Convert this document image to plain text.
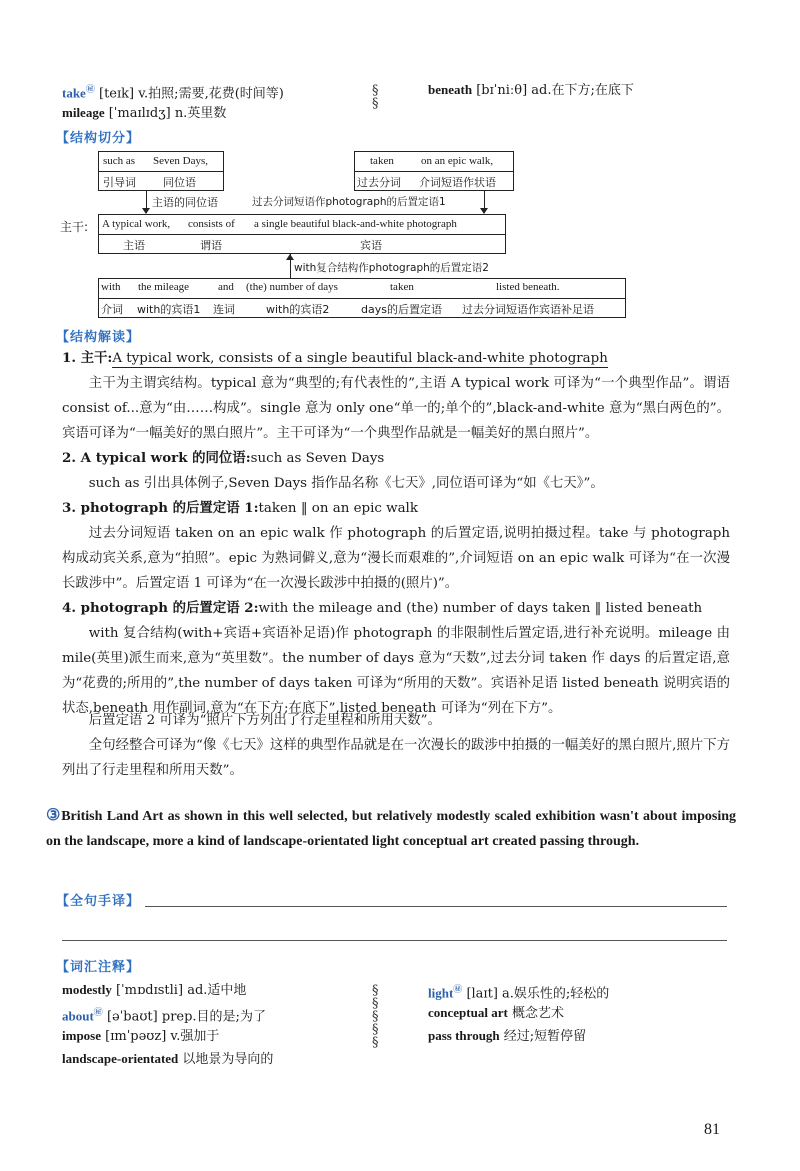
take㊙ [teɪk] v.拍照;需要,花费(时间等)
mileage [ˈmaɪlɪdʒ] n.英里数
§
§
beneath [bɪˈniːθ] ad.在下方;在底下
【结构切分】
such as Seven Days,
引导词 同位语
taken on an epic walk,
过去分词 介词短语作状语
主语的同位语	过去分词短语作photograph的后置定语1
主干: A typical work, consists of a single beautiful black-and-white photograph
主语	谓语	宾语
with复合结构作photograph的后置定语2
with the mileage	and (the) number of days	taken	listed beneath.
介词 with的宾语1 连词	with的宾语2	days的后置定语 过去分词短语作宾语补足语
【结构解读】
1. 主干:A typical work, consists of a single beautiful black-and-white photograph
主干为主谓宾结构。typical 意为“典型的;有代表性的”,主语 A typical work 可译为“一个典型作品”。谓语 consist of...意为“由……构成”。single 意为 only one“单一的;单个的”,black-and-white 意为“黑白两色的”。宾语可译为“一幅美好的黑白照片”。主干可译为“一个典型作品就是一幅美好的黑白照片”。
2. A typical work 的同位语:such as Seven Days
such as 引出具体例子,Seven Days 指作品名称《七天》,同位语可译为“如《七天》”。
3. photograph 的后置定语 1:taken ‖ on an epic walk
过去分词短语 taken on an epic walk 作 photograph 的后置定语,说明拍摄过程。take 与 photograph 构成动宾关系,意为“拍照”。epic 为熟词僻义,意为“漫长而艰难的”,介词短语 on an epic walk 可译为“在一次漫长跋涉中”。后置定语 1 可译为“在一次漫长跋涉中拍摄的(照片)”。
4. photograph 的后置定语 2:with the mileage and (the) number of days taken ‖ listed beneath
with 复合结构(with+宾语+宾语补足语)作 photograph 的非限制性后置定语,进行补充说明。mileage 由 mile(英里)派生而来,意为“英里数”。the number of days 意为“天数”,过去分词 taken 作 days 的后置定语,意为“花费的;所用的”,the number of days taken 可译为“所用的天数”。宾语补足语 listed beneath 说明宾语的状态,beneath 用作副词,意为“在下方;在底下”,listed beneath 可译为“列在下方”。
后置定语 2 可译为“照片下方列出了行走里程和所用天数”。
全句经整合可译为“像《七天》这样的典型作品就是在一次漫长的跋涉中拍摄的一幅美好的黑白照片,照片下方列出了行走里程和所用天数”。
③British Land Art as shown in this well selected, but relatively modestly scaled exhibition wasn't about imposing on the landscape, more a kind of landscape-orientated light conceptual art created passing through.
【全句手译】
【词汇注释】
modestly [ˈmɒdɪstli] ad.适中地
about㊙ [əˈbaʊt] prep.目的是;为了
impose [ɪmˈpəʊz] v.强加于
landscape-orientated 以地景为导向的
§
§
§
§
§
light㊙ [laɪt] a.娱乐性的;轻松的
conceptual art 概念艺术
pass through 经过;短暂停留
81
